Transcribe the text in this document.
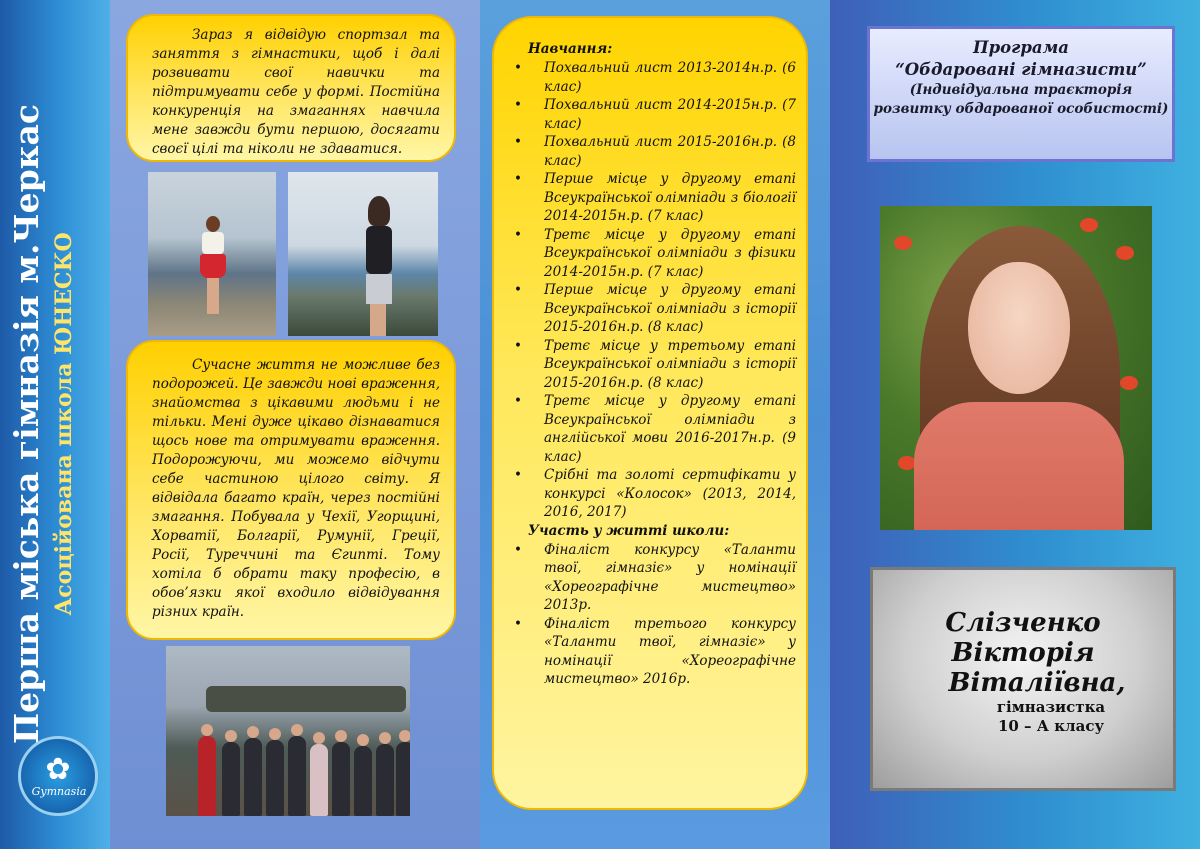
Перша міська гімназія м.Черкас Асоційована школа ЮНЕСКО
✿
Gymnasia

Зараз я відвідую спортзал та заняття з гімнастики, щоб і далі розвивати свої навички та підтримувати себе у формі. Постійна конкуренція на змаганнях навчила мене завжди бути першою, досягати своєї цілі та ніколи не здаватися.

Сучасне життя не можливе без подорожей. Це завжди нові враження, знайомства з цікавими людьми і не тільки. Мені дуже цікаво дізнаватися щось нове та отримувати враження. Подорожуючи, ми можемо відчути себе частиною цілого світу. Я відвідала багато країн, через постійні змагання. Побувала у Чехії, Угорщині, Хорватії, Болгарії, Румунії, Греції, Росії, Туреччині та Єгипті. Тому хотіла б обрати таку професію, в обов’язки якої входило відвідування різних країн.

Навчання:

• Похвальний лист 2013-2014н.р. (6 клас)
• Похвальний лист 2014-2015н.р. (7 клас)
• Похвальний лист 2015-2016н.р. (8 клас)
• Перше місце у другому етапі Всеукраїнської олімпіади з біології 2014-2015н.р. (7 клас)
• Третє місце у другому етапі Всеукраїнської олімпіади з фізики 2014-2015н.р. (7 клас)
• Перше місце у другому етапі Всеукраїнської олімпіади з історії 2015-2016н.р. (8 клас)
• Третє місце у третьому етапі Всеукраїнської олімпіади з історії 2015-2016н.р. (8 клас)
• Третє місце у другому етапі Всеукраїнської олімпіади з англійської мови 2016-2017н.р. (9 клас)
• Срібні та золоті сертифікати у конкурсі «Колосок» (2013, 2014, 2016, 2017)

Участь у житті школи:

• Фіналіст конкурсу «Таланти твої, гімназіє» у номінації «Хореографічне мистецтво» 2013р.
• Фіналіст третього конкурсу «Таланти твої, гімназіє» у номінації «Хореографічне мистецтво» 2016р.
Програма
“Обдаровані гімназисти”
(Індивідуальна траєкторія розвитку обдарованої особистості)
Слізченко
Вікторія
Віталіївна,
гімназистка
10 – А класу
